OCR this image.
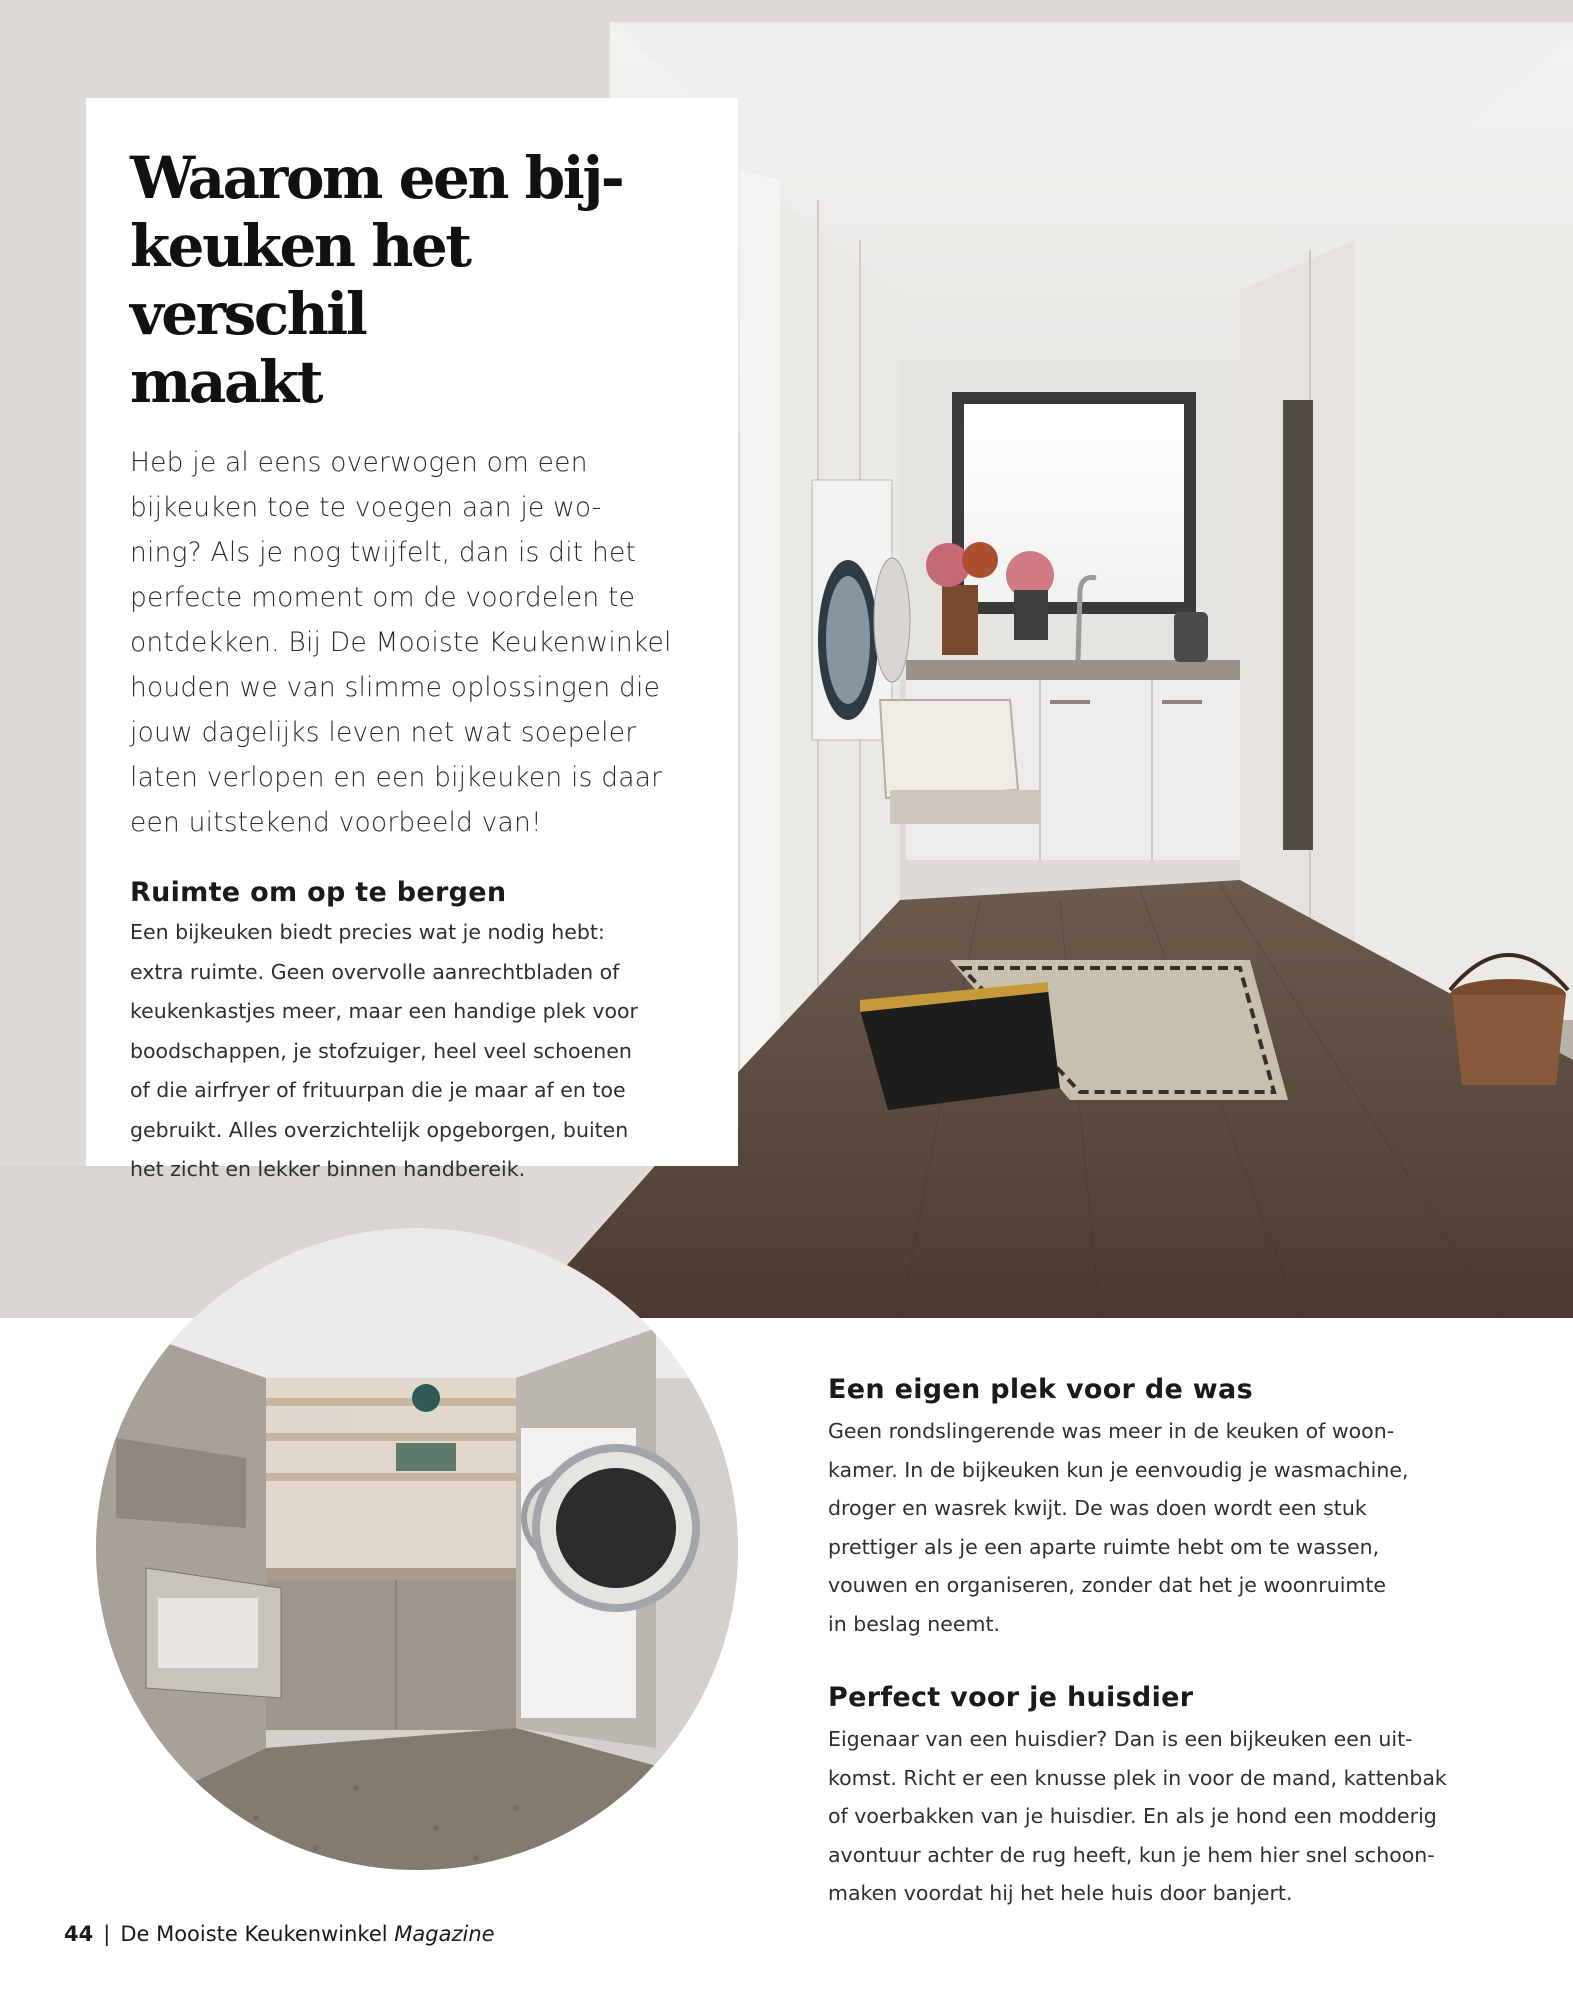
Waarom een bij-
keuken het verschil
maakt

Heb je al eens overwogen om een
bijkeuken toe te voegen aan je wo-
ning? Als je nog twijfelt, dan is dit het
perfecte moment om de voordelen te
ontdekken. Bij De Mooiste Keukenwinkel
houden we van slimme oplossingen die
jouw dagelijks leven net wat soepeler
laten verlopen en een bijkeuken is daar
een uitstekend voorbeeld van!

Ruimte om op te bergen

Een bijkeuken biedt precies wat je nodig hebt:
extra ruimte. Geen overvolle aanrechtbladen of
keukenkastjes meer, maar een handige plek voor
boodschappen, je stofzuiger, heel veel schoenen
of die airfryer of frituurpan die je maar af en toe
gebruikt. Alles overzichtelijk opgeborgen, buiten
het zicht en lekker binnen handbereik.

Een eigen plek voor de was

Geen rondslingerende was meer in de keuken of woon-
kamer. In de bijkeuken kun je eenvoudig je wasmachine,
droger en wasrek kwijt. De was doen wordt een stuk
prettiger als je een aparte ruimte hebt om te wassen,
vouwen en organiseren, zonder dat het je woonruimte
in beslag neemt.

Perfect voor je huisdier

Eigenaar van een huisdier? Dan is een bijkeuken een uit-
komst. Richt er een knusse plek in voor de mand, kattenbak
of voerbakken van je huisdier. En als je hond een modderig
avontuur achter de rug heeft, kun je hem hier snel schoon-
maken voordat hij het hele huis door banjert.

44 | De Mooiste Keukenwinkel Magazine
